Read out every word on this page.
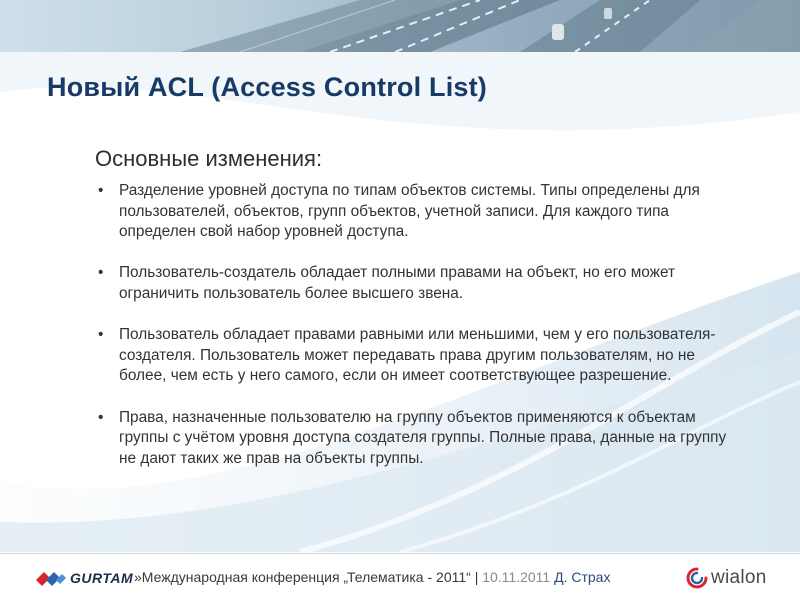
Новый ACL (Access Control List)
Основные изменения:
• Разделение уровней доступа по типам объектов системы. Типы определены для пользователей, объектов, групп объектов, учетной записи. Для каждого типа определен свой набор уровней доступа.
• Пользователь-создатель обладает полными правами на объект, но его может ограничить пользователь более высшего звена.
• Пользователь обладает правами равными или меньшими, чем у его пользователя-создателя. Пользователь может передавать права другим пользователям, но не более, чем есть у него самого, если он имеет соответствующее разрешение.
• Права, назначенные пользователю на группу объектов применяются к объектам группы с учётом уровня доступа создателя группы. Полные права, данные на группу не дают таких же прав на объекты группы.
GURTAM »Международная конференция „Телематика - 2011“ | 10.11.2011 Д. Страх	wialon
